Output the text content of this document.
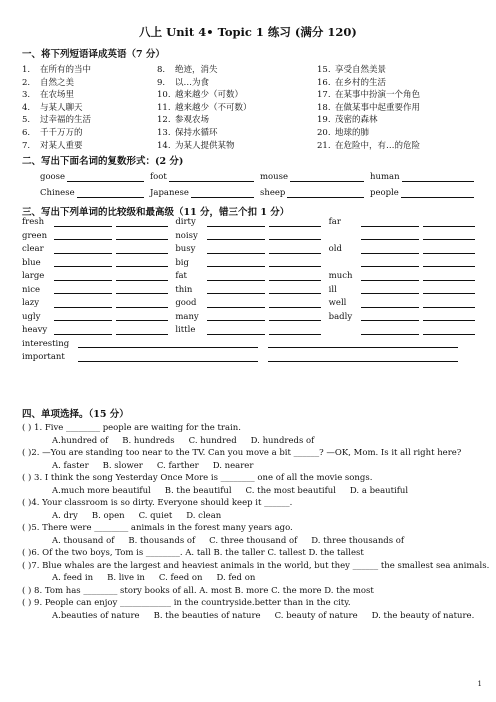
八上 Unit 4• Topic 1 练习 (满分 120)
一、将下列短语译成英语（7 分）
1. 在所有的当中	8. 绝迹，消失	15. 享受自然美景
2. 自然之美	9. 以…为食	16. 在乡村的生活
3. 在农场里	10. 越来越少（可数）	17. 在某事中扮演一个角色
4. 与某人聊天	11. 越来越少（不可数）	18. 在做某事中起重要作用
5. 过幸福的生活	12. 参观农场	19. 茂密的森林
6. 千千万万的	13. 保持水循环	20. 地球的肺
7. 对某人重要	14. 为某人提供某物	21. 在危险中，有…的危险
二、写出下面名词的复数形式：(2 分)
goose	foot	mouse	human
Chinese	Japanese	sheep	people
三、写出下列单词的比较级和最高级（11 分，错三个扣 1 分）
fresh	dirty	far
green	noisy
clear	busy	old
blue	big
large	fat	much
nice	thin	ill
lazy	good	well
ugly	many	badly
heavy	little
interesting
important
四、单项选择。（15 分）
( ) 1. Five ________ people are waiting for the train.
A.hundred of B. hundreds C. hundred D. hundreds of
( )2. —You are standing too near to the TV. Can you move a bit ______? —OK, Mom. Is it all right here?
A. faster B. slower C. farther D. nearer
( ) 3. I think the song Yesterday Once More is ________ one of all the movie songs.
A.much more beautiful B. the beautiful C. the most beautiful D. a beautiful
( )4. Your classroom is so dirty. Everyone should keep it ______.
A. dry B. open C. quiet D. clean
( )5. There were ________ animals in the forest many years ago.
A. thousand of B. thousands of C. three thousand of D. three thousands of
( )6. Of the two boys, Tom is ________. A. tall B. the taller C. tallest D. the tallest
( )7. Blue whales are the largest and heaviest animals in the world, but they ______ the smallest sea animals.
A. feed in B. live in C. feed on D. fed on
( ) 8. Tom has ________ story books of all. A. most B. more C. the more D. the most
( ) 9. People can enjoy ____________ in the countryside.better than in the city.
A.beauties of nature B. the beauties of nature C. beauty of nature D. the beauty of nature.
1
